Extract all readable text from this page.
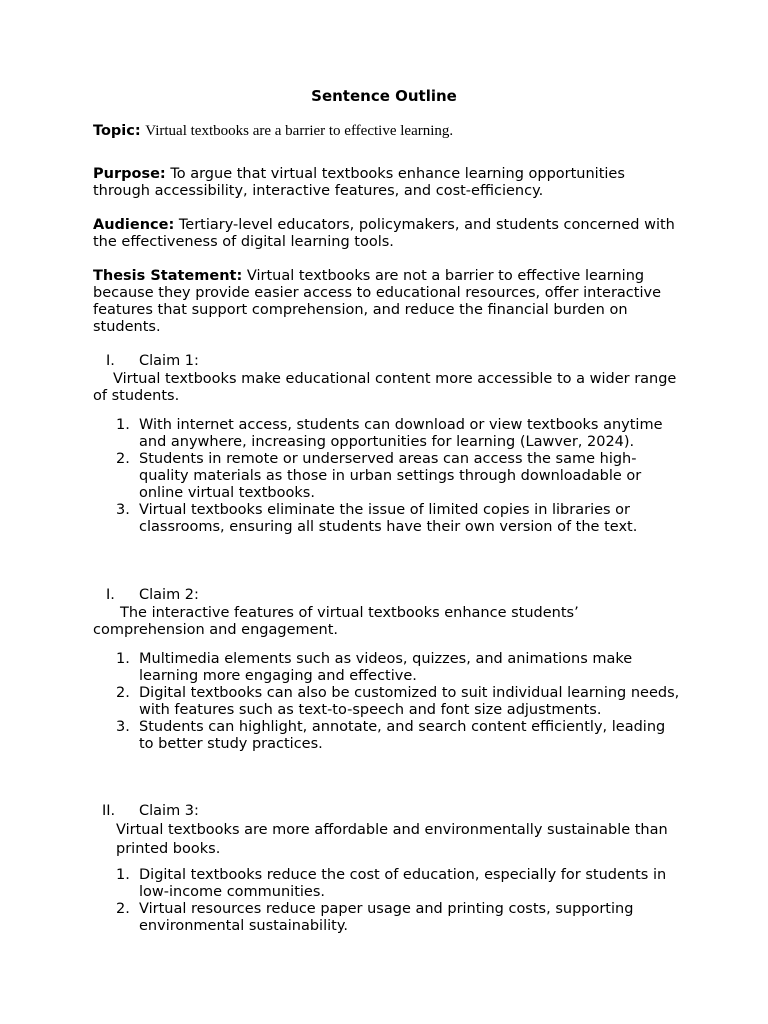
Sentence Outline
Topic: Virtual textbooks are a barrier to effective learning.
Purpose: To argue that virtual textbooks enhance learning opportunities through accessibility, interactive features, and cost-efficiency.
Audience: Tertiary-level educators, policymakers, and students concerned with the effectiveness of digital learning tools.
Thesis Statement: Virtual textbooks are not a barrier to effective learning because they provide easier access to educational resources, offer interactive features that support comprehension, and reduce the financial burden on students.
I. Claim 1:
Virtual textbooks make educational content more accessible to a wider range of students.
1. With internet access, students can download or view textbooks anytime and anywhere, increasing opportunities for learning (Lawver, 2024).
2. Students in remote or underserved areas can access the same high-quality materials as those in urban settings through downloadable or online virtual textbooks.
3. Virtual textbooks eliminate the issue of limited copies in libraries or classrooms, ensuring all students have their own version of the text.
I. Claim 2:
The interactive features of virtual textbooks enhance students’ comprehension and engagement.
1. Multimedia elements such as videos, quizzes, and animations make learning more engaging and effective.
2. Digital textbooks can also be customized to suit individual learning needs, with features such as text-to-speech and font size adjustments.
3. Students can highlight, annotate, and search content efficiently, leading to better study practices.
II. Claim 3:
Virtual textbooks are more affordable and environmentally sustainable than printed books.
1. Digital textbooks reduce the cost of education, especially for students in low-income communities.
2. Virtual resources reduce paper usage and printing costs, supporting environmental sustainability.
